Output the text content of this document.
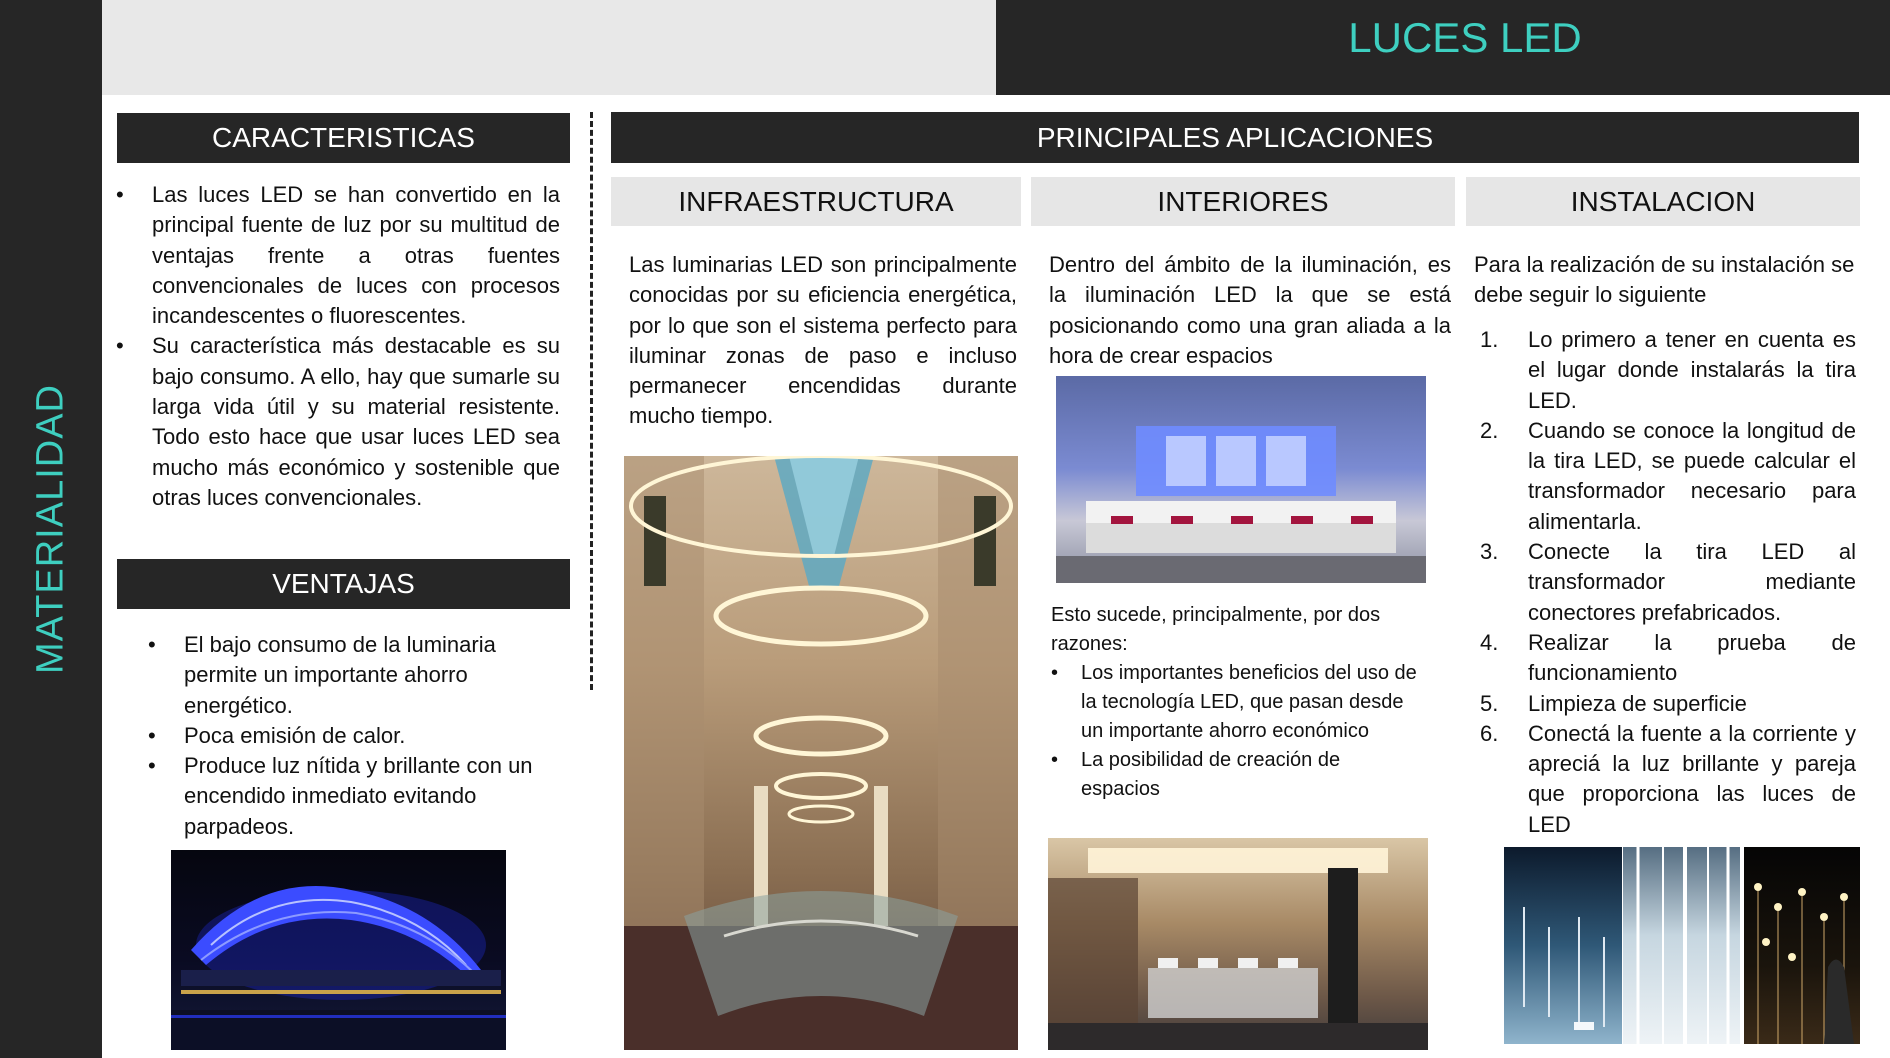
MATERIALIDAD
LUCES LED
CARACTERISTICAS
• Las luces LED se han convertido en la principal fuente de luz por su multitud de ventajas frente a otras fuentes convencionales de luces con procesos incandescentes o fluorescentes.
• Su característica más destacable es su bajo consumo. A ello, hay que sumarle su larga vida útil y su material resistente. Todo esto hace que usar luces LED sea mucho más económico y sostenible que otras luces convencionales.
VENTAJAS
• El bajo consumo de la luminaria permite un importante ahorro energético.
• Poca emisión de calor.
• Produce luz nítida y brillante con un encendido inmediato evitando parpadeos.
PRINCIPALES APLICACIONES
INFRAESTRUCTURA	INTERIORES	INSTALACION
Las luminarias LED son principalmente conocidas por su eficiencia energética, por lo que son el sistema perfecto para iluminar zonas de paso e incluso permanecer encendidas durante mucho tiempo.
Dentro del ámbito de la iluminación, es la iluminación LED la que se está posicionando como una gran aliada a la hora de crear espacios
Esto sucede, principalmente, por dos razones:
• Los importantes beneficios del uso de la tecnología LED, que pasan desde un importante ahorro económico
• La posibilidad de creación de espacios
Para la realización de su instalación se debe seguir lo siguiente
1. Lo primero a tener en cuenta es el lugar donde instalarás la tira LED.
2. Cuando se conoce la longitud de la tira LED, se puede calcular el transformador necesario para alimentarla.
3. Conecte la tira LED al transformador mediante conectores prefabricados.
4. Realizar la prueba de funcionamiento
5. Limpieza de superficie
6. Conectá la fuente a la corriente y apreciá la luz brillante y pareja que proporciona las luces de LED
